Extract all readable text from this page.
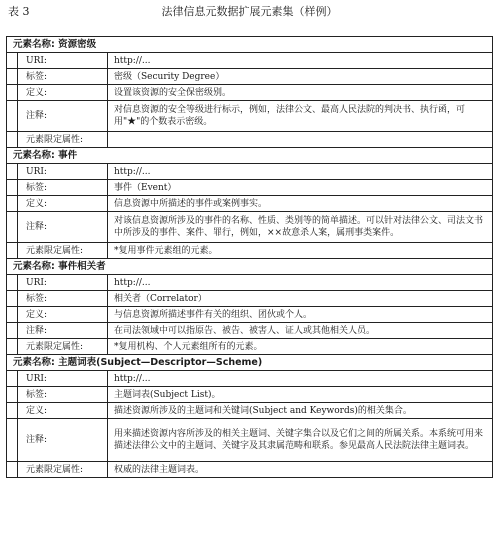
表 3	法律信息元数据扩展元素集（样例）
元素名称: 资源密级		
	URI:	http://...
	标签:	密级（Security Degree）
	定义:	设置该资源的安全保密级别。
	注释:	对信息资源的安全等级进行标示，例如，法律公文、最高人民法院的判决书、执行函，可用"★"的个数表示密级。
	元素限定属性:	
元素名称: 事件		
	URI:	http://...
	标签:	事件（Event）
	定义:	信息资源中所描述的事件或案例事实。
	注释:	对该信息资源所涉及的事件的名称、性质、类别等的简单描述。可以针对法律公文、司法文书中所涉及的事件、案件、罪行，例如，××故意杀人案，属刑事类案件。
	元素限定属性:	*复用事件元素组的元素。
元素名称: 事件相关者		
	URI:	http://...
	标签:	相关者（Correlator）
	定义:	与信息资源所描述事件有关的组织、团伙或个人。
	注释:	在司法领域中可以指原告、被告、被害人、证人或其他相关人员。
	元素限定属性:	*复用机构、个人元素组所有的元素。
元素名称: 主题词表(Subject—Descriptor—Scheme)		
	URI:	http://...
	标签:	主题词表(Subject List)。
	定义:	描述资源所涉及的主题词和关键词(Subject and Keywords)的相关集合。
	注释:	用来描述资源内容所涉及的相关主题词、关键字集合以及它们之间的所属关系。本系统可用来描述法律公文中的主题词、关键字及其隶属范畴和联系。参见最高人民法院法律主题词表。
	元素限定属性:	权威的法律主题词表。
